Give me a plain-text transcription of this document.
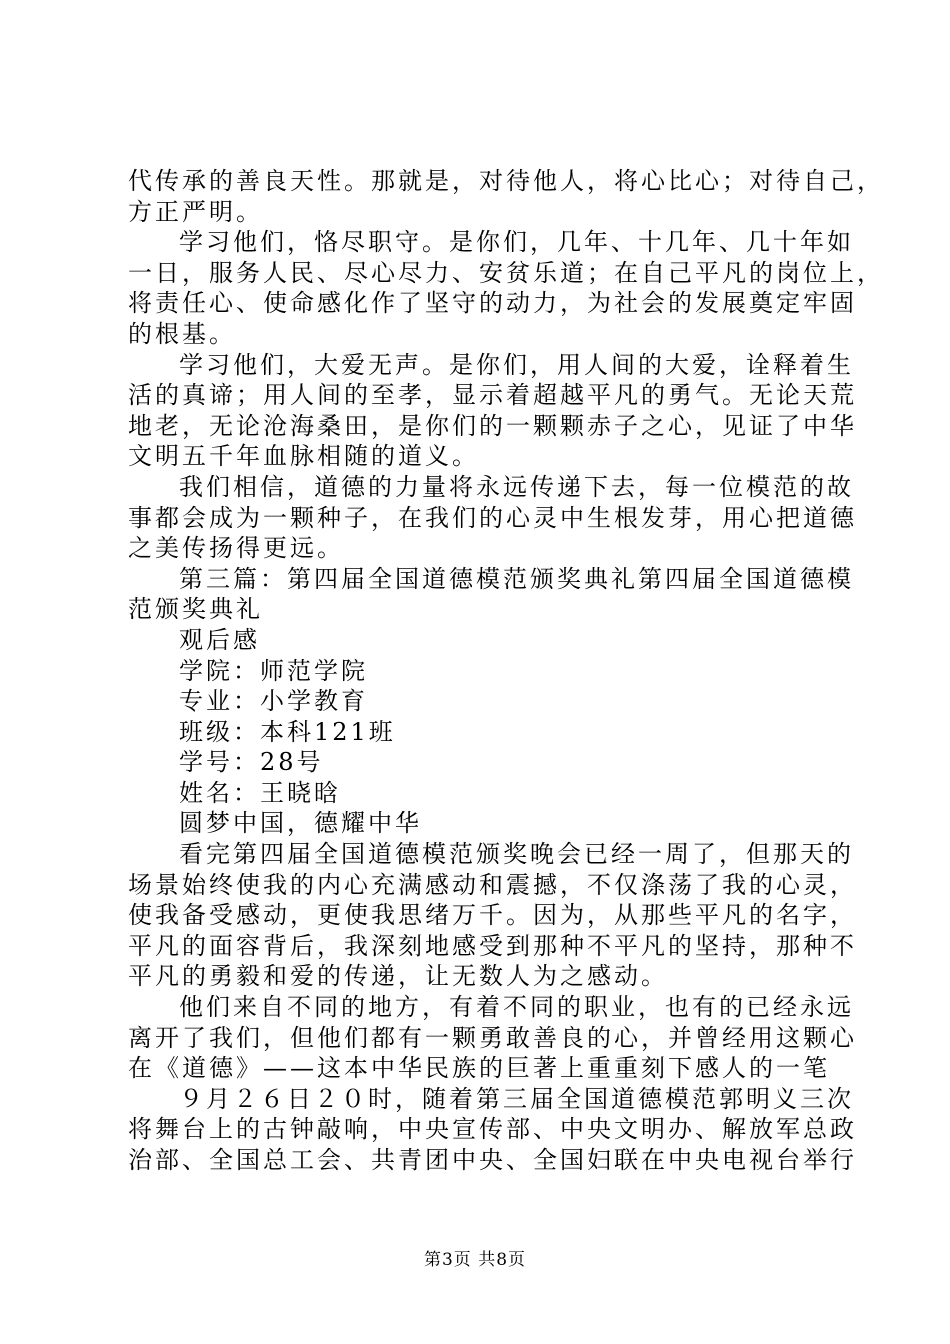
代传承的善良天性。那就是，对待他人，将心比心；对待自己，
方正严明。
学习他们，恪尽职守。是你们，几年、十几年、几十年如
一日，服务人民、尽心尽力、安贫乐道；在自己平凡的岗位上，
将责任心、使命感化作了坚守的动力，为社会的发展奠定牢固
的根基。
学习他们，大爱无声。是你们，用人间的大爱，诠释着生
活的真谛；用人间的至孝，显示着超越平凡的勇气。无论天荒
地老，无论沧海桑田，是你们的一颗颗赤子之心，见证了中华
文明五千年血脉相随的道义。
我们相信，道德的力量将永远传递下去，每一位模范的故
事都会成为一颗种子，在我们的心灵中生根发芽，用心把道德
之美传扬得更远。
第三篇：第四届全国道德模范颁奖典礼第四届全国道德模
范颁奖典礼
观后感
学院：师范学院
专业：小学教育
班级：本科121班
学号：28号
姓名：王晓晗
圆梦中国，德耀中华
看完第四届全国道德模范颁奖晚会已经一周了，但那天的
场景始终使我的内心充满感动和震撼，不仅涤荡了我的心灵，
使我备受感动，更使我思绪万千。因为，从那些平凡的名字，
平凡的面容背后，我深刻地感受到那种不平凡的坚持，那种不
平凡的勇毅和爱的传递，让无数人为之感动。
他们来自不同的地方，有着不同的职业，也有的已经永远
离开了我们，但他们都有一颗勇敢善良的心，并曾经用这颗心
在《道德》——这本中华民族的巨著上重重刻下感人的一笔
９月２６日２０时，随着第三届全国道德模范郭明义三次
将舞台上的古钟敲响，中央宣传部、中央文明办、解放军总政
治部、全国总工会、共青团中央、全国妇联在中央电视台举行
第3页 共8页
